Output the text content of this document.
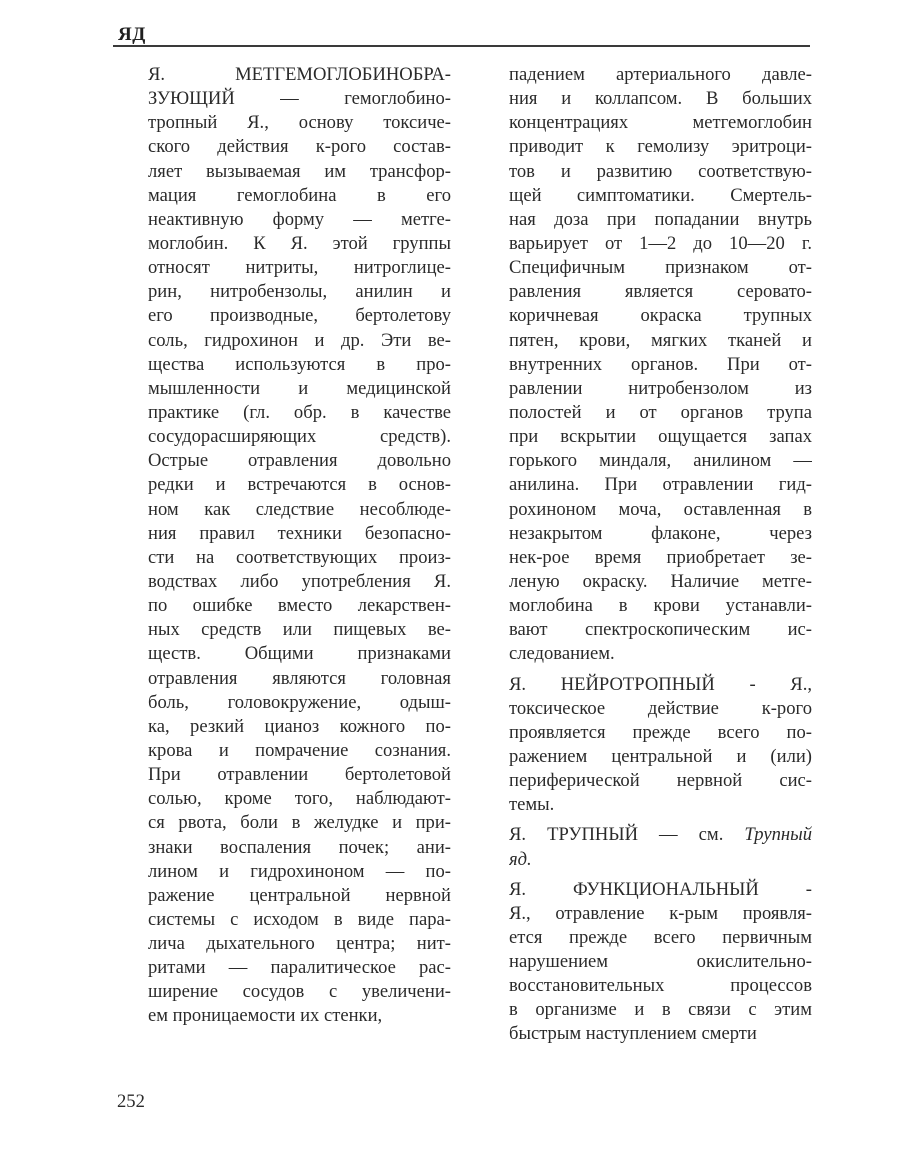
ЯД
Я. МЕТГЕМОГЛОБИНОБРА-
ЗУЮЩИЙ — гемоглобино-
тропный Я., основу токсиче-
ского действия к-рого состав-
ляет вызываемая им трансфор-
мация гемоглобина в его
неактивную форму — метге-
моглобин. К Я. этой группы
относят нитриты, нитроглице-
рин, нитробензолы, анилин и
его производные, бертолетову
соль, гидрохинон и др. Эти ве-
щества используются в про-
мышленности и медицинской
практике (гл. обр. в качестве
сосудорасширяющих средств).
Острые отравления довольно
редки и встречаются в основ-
ном как следствие несоблюде-
ния правил техники безопасно-
сти на соответствующих произ-
водствах либо употребления Я.
по ошибке вместо лекарствен-
ных средств или пищевых ве-
ществ. Общими признаками
отравления являются головная
боль, головокружение, одыш-
ка, резкий цианоз кожного по-
крова и помрачение сознания.
При отравлении бертолетовой
солью, кроме того, наблюдают-
ся рвота, боли в желудке и при-
знаки воспаления почек; ани-
лином и гидрохиноном — по-
ражение центральной нервной
системы с исходом в виде пара-
лича дыхательного центра; нит-
ритами — паралитическое рас-
ширение сосудов с увеличени-
ем проницаемости их стенки,
падением артериального давле-
ния и коллапсом. В больших
концентрациях метгемоглобин
приводит к гемолизу эритроци-
тов и развитию соответствую-
щей симптоматики. Смертель-
ная доза при попадании внутрь
варьирует от 1—2 до 10—20 г.
Специфичным признаком от-
равления является серовато-
коричневая окраска трупных
пятен, крови, мягких тканей и
внутренних органов. При от-
равлении нитробензолом из
полостей и от органов трупа
при вскрытии ощущается запах
горького миндаля, анилином —
анилина. При отравлении гид-
рохиноном моча, оставленная в
незакрытом флаконе, через
нек-рое время приобретает зе-
леную окраску. Наличие метге-
моглобина в крови устанавли-
вают спектроскопическим ис-
следованием.
Я. НЕЙРОТРОПНЫЙ - Я.,
токсическое действие к-рого
проявляется прежде всего по-
ражением центральной и (или)
периферической нервной сис-
темы.
Я. ТРУПНЫЙ — см. Трупный
яд.
Я. ФУНКЦИОНАЛЬНЫЙ -
Я., отравление к-рым проявля-
ется прежде всего первичным
нарушением окислительно-
восстановительных процессов
в организме и в связи с этим
быстрым наступлением смерти
252
